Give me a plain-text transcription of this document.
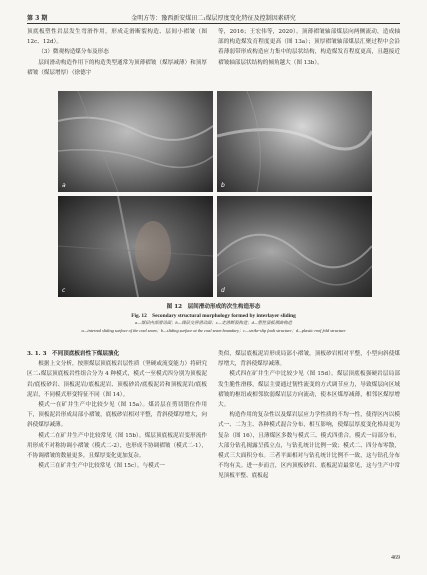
第 3 期	金明方等：豫西新安煤田二₁煤层厚度变化特征及控制因素研究

顶底板塑性岩层发生弯滑作用，形成走滑断裂构造、层间小褶皱（图 12c、12d）。

（3）微观构造煤分布及形态

层间滑动构造作用下的构造类型通常为顶薄褶皱（煤厚减薄）和顶厚褶皱（煤层增厚）（徐德宇

等，2016；王宏伟等，2020）。顶薄褶皱轴部煤层向两侧流动，造成轴部的构造煤发育程度更高（图 13a）；顶厚褶皱轴部煤层汇聚过程中会沿着薄弱带形成构造应力集中的层状结构，构造煤发育程度更高，且越接近褶皱轴部层状结构的倾角越大（图 13b）。

a	b
c	d
图 12　层间滑动形成的次生构造形态
Fig. 12　Secondary structural morphology formed by interlayer sliding
a—煤层内部滑动面；b—煤层交界滑动面；c—走滑断裂构造；d—塑性顶板褶曲构造
a—internal sliding surface of the coal seam；b—sliding surface at the coal seam boundary；c—strike-slip fault structure；d—plastic roof fold structure

3. 1. 3　不同顶底板岩性下煤层演化

根据上文分析，按照煤层顶底板岩层性质（坚硬或流变能力）将研究区二₁煤层顶底板岩性组合分为 4 种模式，模式一至模式四分别为顶板泥岩/底板砂岩、顶板泥岩/底板泥岩、顶板砂岩/底板泥岩和顶板泥岩/底板泥岩，不同模式形变特征不同（图 14）。

模式一在矿井生产中比较少见（图 15a）。煤岩层在剪切错位作用下，顶板泥岩形成局部小褶皱，底板砂岩相对平整，背斜使煤厚增大，向斜使煤厚减薄。

模式二在矿井生产中比较常见（图 15b）。煤层顶底板泥岩变形流作用形成不对称协调小褶皱（模式二-2），也形成不协调褶皱（模式二-1），不协调褶皱的数量更多，且煤厚变化更加复杂。

模式三在矿井生产中比较常见（图 15c）。与模式一

类似，煤层底板泥岩形成局部小褶皱，顶板砂岩相对平整，小型向斜使煤厚增大，背斜使煤厚减薄。

模式四在矿井生产中比较少见（图 15d）。煤层顶底板强硬岩层局部发生脆性滑移，煤层主要通过韧性流变的方式调节应力，导致煤层向区域褶皱的枢纽或相邻软弱煤岩层方向流动，使本区煤厚减薄，相邻区煤厚增大。

构造作用的复杂性以及煤岩层应力学性质的不均一性，使得区内以模式一、二为主、各种模式混合分布，相互影响，使煤层厚度变化格局更为复杂（图 16），且薄煤区多数与模式三、模式四重合。模式一局部分布，大部分钻孔揭露呈孤立点，与钻孔统计比例一致；模式二、四分布零散，模式三大面积分布。三者平面相对与钻孔统计比例不一致，这与钻孔分布不均有关。进一步而言，区内顶板砂岩、底板泥岩最常见，这与生产中常见顶板平整、底板起

469
